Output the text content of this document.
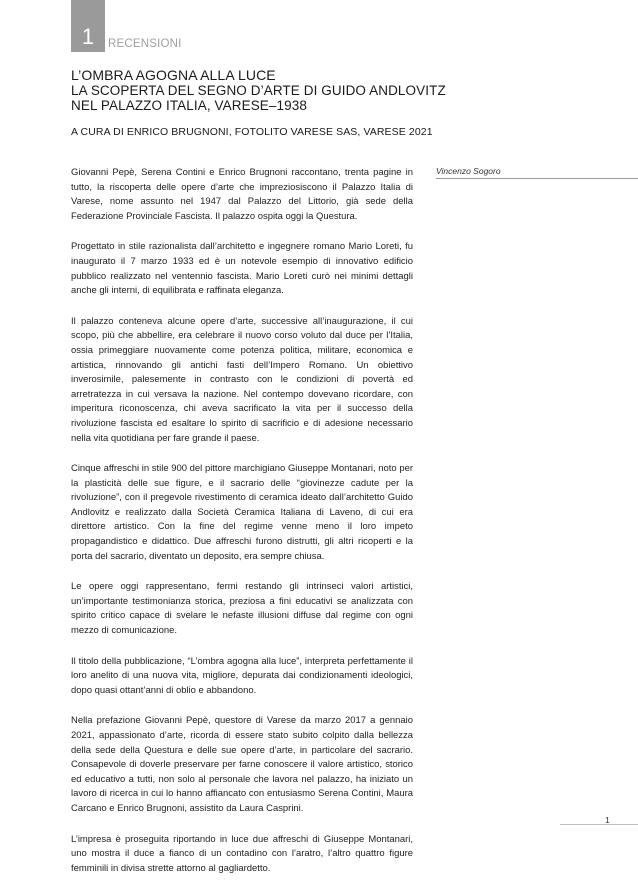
1 RECENSIONI
L’OMBRA AGOGNA ALLA LUCE
LA SCOPERTA DEL SEGNO D’ARTE DI GUIDO ANDLOVITZ
NEL PALAZZO ITALIA, VARESE–1938
A CURA DI ENRICO BRUGNONI, FOTOLITO VARESE SAS, VARESE 2021
Vincenzo Sogoro

Giovanni Pepè, Serena Contini e Enrico Brugnoni raccontano, trenta pagine in tutto, la riscoperta delle opere d’arte che impreziosiscono il Palazzo Italia di Varese, nome assunto nel 1947 dal Palazzo del Littorio, già sede della Federazione Provinciale Fascista. Il palazzo ospita oggi la Questura.

Progettato in stile razionalista dall’architetto e ingegnere romano Mario Loreti, fu inaugurato il 7 marzo 1933 ed è un notevole esempio di innovativo edificio pubblico realizzato nel ventennio fascista. Mario Loreti curò nei minimi dettagli anche gli interni, di equilibrata e raffinata eleganza.

Il palazzo conteneva alcune opere d’arte, successive all’inaugurazione, il cui scopo, più che abbellire, era celebrare il nuovo corso voluto dal duce per l’Italia, ossia primeggiare nuovamente come potenza politica, militare, economica e artistica, rinnovando gli antichi fasti dell’Impero Romano. Un obiettivo inverosimile, palesemente in contrasto con le condizioni di povertà ed arretratezza in cui versava la nazione. Nel contempo dovevano ricordare, con imperitura riconoscenza, chi aveva sacrificato la vita per il successo della rivoluzione fascista ed esaltare lo spirito di sacrificio e di adesione necessario nella vita quotidiana per fare grande il paese.

Cinque affreschi in stile 900 del pittore marchigiano Giuseppe Montanari, noto per la plasticità delle sue figure, e il sacrario delle “giovinezze cadute per la rivoluzione”, con il pregevole rivestimento di ceramica ideato dall’architetto Guido Andlovitz e realizzato dalla Società Ceramica Italiana di Laveno, di cui era direttore artistico. Con la fine del regime venne meno il loro impeto propagandistico e didattico. Due affreschi furono distrutti, gli altri ricoperti e la porta del sacrario, diventato un deposito, era sempre chiusa.

Le opere oggi rappresentano, fermi restando gli intrinseci valori artistici, un’importante testimonianza storica, preziosa a fini educativi se analizzata con spirito critico capace di svelare le nefaste illusioni diffuse dal regime con ogni mezzo di comunicazione.

Il titolo della pubblicazione, “L’ombra agogna alla luce”, interpreta perfettamente il loro anelito di una nuova vita, migliore, depurata dai condizionamenti ideologici, dopo quasi ottant’anni di oblio e abbandono.

Nella prefazione Giovanni Pepè, questore di Varese da marzo 2017 a gennaio 2021, appassionato d’arte, ricorda di essere stato subito colpito dalla bellezza della sede della Questura e delle sue opere d’arte, in particolare del sacrario. Consapevole di doverle preservare per farne conoscere il valore artistico, storico ed educativo a tutti, non solo al personale che lavora nel palazzo, ha iniziato un lavoro di ricerca in cui lo hanno affiancato con entusiasmo Serena Contini, Maura Carcano e Enrico Brugnoni, assistito da Laura Casprini.

L’impresa è proseguita riportando in luce due affreschi di Giuseppe Montanari, uno mostra il duce a fianco di un contadino con l’aratro, l’altro quattro figure femminili in divisa strette attorno al gagliardetto.

1
